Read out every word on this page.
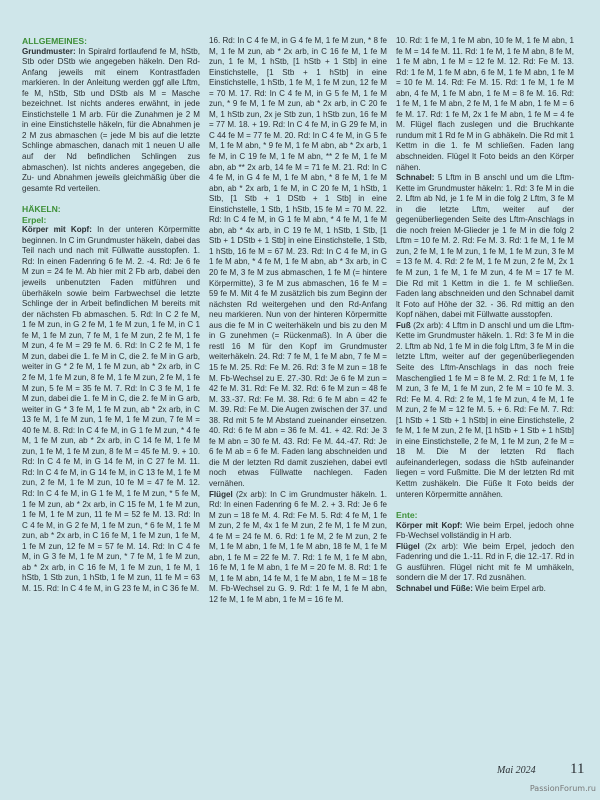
ALLGEMEINES:

Grundmuster: In Spiralrd fortlaufend fe M, hStb, Stb oder DStb wie angegeben häkeln. Den Rd-Anfang jeweils mit einem Kontrastfaden markieren. In der Anleitung werden ggf alle Lftm, fe M, hStb, Stb und DStb als M = Masche bezeichnet. Ist nichts anderes erwähnt, in jede Einstichstelle 1 M arb. Für die Zunahmen je 2 M in eine Einstichstelle häkeln, für die Abnahmen je 2 M zus abmaschen (= jede M bis auf die letzte Schlinge abmaschen, danach mit 1 neuen U alle auf der Nd befindlichen Schlingen zus abmaschen). Ist nichts anderes angegeben, die Zu- und Abnahmen jeweils gleichmäßig über die gesamte Rd verteilen.

HÄKELN:

Erpel:

Körper mit Kopf: In der unteren Körpermitte beginnen. In C im Grundmuster häkeln, dabei das Teil nach und nach mit Füllwatte ausstopfen. 1. Rd: In einen Fadenring 6 fe M. 2. -4. Rd: Je 6 fe M zun = 24 fe M. Ab hier mit 2 Fb arb, dabei den jeweils unbenutzten Faden mitführen und überhäkeln sowie beim Farbwechsel die letzte Schlinge der in Arbeit befindlichen M bereits mit der nächsten Fb abmaschen. 5. Rd: In C 2 fe M, 1 fe M zun, in G 2 fe M, 1 fe M zun, 1 fe M, in C 1 fe M, 1 fe M zun, 7 fe M, 1 fe M zun, 2 fe M, 1 fe M zun, 4 fe M = 29 fe M. 6. Rd: In C 2 fe M, 1 fe M zun, dabei die 1. fe M in C, die 2. fe M in G arb, weiter in G * 2 fe M, 1 fe M zun, ab * 2x arb, in C 2 fe M, 1 fe M zun, 8 fe M, 1 fe M zun, 2 fe M, 1 fe M zun, 5 fe M = 35 fe M. 7. Rd: In C 3 fe M, 1 fe M zun, dabei die 1. fe M in C, die 2. fe M in G arb, weiter in G * 3 fe M, 1 fe M zun, ab * 2x arb, in C 13 fe M, 1 fe M zun, 1 fe M, 1 fe M zun, 7 fe M = 40 fe M. 8. Rd: In C 4 fe M, in G 1 fe M zun, * 4 fe M, 1 fe M zun, ab * 2x arb, in C 14 fe M, 1 fe M zun, 1 fe M, 1 fe M zun, 8 fe M = 45 fe M. 9. + 10. Rd: In C 4 fe M, in G 14 fe M, in C 27 fe M. 11. Rd: In C 4 fe M, in G 14 fe M, in C 13 fe M, 1 fe M zun, 2 fe M, 1 fe M zun, 10 fe M = 47 fe M. 12. Rd: In C 4 fe M, in G 1 fe M, 1 fe M zun, * 5 fe M, 1 fe M zun, ab * 2x arb, in C 15 fe M, 1 fe M zun, 1 fe M, 1 fe M zun, 11 fe M = 52 fe M. 13. Rd: In C 4 fe M, in G 2 fe M, 1 fe M zun, * 6 fe M, 1 fe M zun, ab * 2x arb, in C 16 fe M, 1 fe M zun, 1 fe M, 1 fe M zun, 12 fe M = 57 fe M. 14. Rd: In C 4 fe M, in G 3 fe M, 1 fe M zun, * 7 fe M, 1 fe M zun, ab * 2x arb, in C 16 fe M, 1 fe M zun, 1 fe M, 1 hStb, 1 Stb zun, 1 hStb, 1 fe M zun, 11 fe M = 63 M. 15. Rd: In C 4 fe M, in G 23 fe M, in C 36 fe M.

16. Rd: In C 4 fe M, in G 4 fe M, 1 fe M zun, * 8 fe M, 1 fe M zun, ab * 2x arb, in C 16 fe M, 1 fe M zun, 1 fe M, 1 hStb, [1 hStb + 1 Stb] in eine Einstichstelle, [1 Stb + 1 hStb] in eine Einstichstelle, 1 hStb, 1 fe M, 1 fe M zun, 12 fe M = 70 M. 17. Rd: In C 4 fe M, in G 5 fe M, 1 fe M zun, * 9 fe M, 1 fe M zun, ab * 2x arb, in C 20 fe M, 1 hStb zun, 2x je Stb zun, 1 hStb zun, 16 fe M = 77 M. 18. + 19. Rd: In C 4 fe M, in G 29 fe M, in C 44 fe M = 77 fe M. 20. Rd: In C 4 fe M, in G 5 fe M, 1 fe M abn, * 9 fe M, 1 fe M abn, ab * 2x arb, 1 fe M, in C 19 fe M, 1 fe M abn, ** 2 fe M, 1 fe M abn, ab ** 2x arb, 14 fe M = 71 fe M. 21. Rd: In C 4 fe M, in G 4 fe M, 1 fe M abn, * 8 fe M, 1 fe M abn, ab * 2x arb, 1 fe M, in C 20 fe M, 1 hStb, 1 Stb, [1 Stb + 1 DStb + 1 Stb] in eine Einstichstelle, 1 Stb, 1 hStb, 15 fe M = 70 M. 22. Rd: In C 4 fe M, in G 1 fe M abn, * 4 fe M, 1 fe M abn, ab * 4x arb, in C 19 fe M, 1 hStb, 1 Stb, [1 Stb + 1 DStb + 1 Stb] in eine Einstichstelle, 1 Stb, 1 hStb, 16 fe M = 67 M. 23. Rd: In C 4 fe M, in G 1 fe M abn, * 4 fe M, 1 fe M abn, ab * 3x arb, in C 20 fe M, 3 fe M zus abmaschen, 1 fe M (= hintere Körpermitte), 3 fe M zus abmaschen, 16 fe M = 59 fe M. Mit 4 fe M zusätzlich bis zum Beginn der nächsten Rd weitergehen und den Rd-Anfang neu markieren. Nun von der hinteren Körpermitte aus die fe M in C weiterhäkeln und bis zu den M in G zunehmen (= Rückenmaß). In A über die restl 16 M für den Kopf im Grundmuster weiterhäkeln. 24. Rd: 7 fe M, 1 fe M abn, 7 fe M = 15 fe M. 25. Rd: Fe M. 26. Rd: 3 fe M zun = 18 fe M. Fb-Wechsel zu E. 27.-30. Rd: Je 6 fe M zun = 42 fe M. 31. Rd: Fe M. 32. Rd: 6 fe M zun = 48 fe M. 33.-37. Rd: Fe M. 38. Rd: 6 fe M abn = 42 fe M. 39. Rd: Fe M. Die Augen zwischen der 37. und 38. Rd mit 5 fe M Abstand zueinander einsetzen. 40. Rd: 6 fe M abn = 36 fe M. 41. + 42. Rd: Je 3 fe M abn = 30 fe M. 43. Rd: Fe M. 44.-47. Rd: Je 6 fe M ab = 6 fe M. Faden lang abschneiden und die M der letzten Rd damit zusziehen, dabei evtl noch etwas Füllwatte nachlegen. Faden vernähen.

Flügel (2x arb): In C im Grundmuster häkeln. 1. Rd: In einen Fadenring 6 fe M. 2. + 3. Rd: Je 6 fe M zun = 18 fe M. 4. Rd: Fe M. 5. Rd: 4 fe M, 1 fe M zun, 2 fe M, 4x 1 fe M zun, 2 fe M, 1 fe M zun, 4 fe M = 24 fe M. 6. Rd: 1 fe M, 2 fe M zun, 2 fe M, 1 fe M abn, 1 fe M, 1 fe M abn, 18 fe M, 1 fe M abn, 1 fe M = 22 fe M. 7. Rd: 1 fe M, 1 fe M abn, 16 fe M, 1 fe M abn, 1 fe M = 20 fe M. 8. Rd: 1 fe M, 1 fe M abn, 14 fe M, 1 fe M abn, 1 fe M = 18 fe M. Fb-Wechsel zu G. 9. Rd: 1 fe M, 1 fe M abn, 12 fe M, 1 fe M abn, 1 fe M = 16 fe M.

10. Rd: 1 fe M, 1 fe M abn, 10 fe M, 1 fe M abn, 1 fe M = 14 fe M. 11. Rd: 1 fe M, 1 fe M abn, 8 fe M, 1 fe M abn, 1 fe M = 12 fe M. 12. Rd: Fe M. 13. Rd: 1 fe M, 1 fe M abn, 6 fe M, 1 fe M abn, 1 fe M = 10 fe M. 14. Rd: Fe M. 15. Rd: 1 fe M, 1 fe M abn, 4 fe M, 1 fe M abn, 1 fe M = 8 fe M. 16. Rd: 1 fe M, 1 fe M abn, 2 fe M, 1 fe M abn, 1 fe M = 6 fe M. 17. Rd: 1 fe M, 2x 1 fe M abn, 1 fe M = 4 fe M. Flügel flach zuslegen und die Bruchkante rundum mit 1 Rd fe M in G abhäkeln. Die Rd mit 1 Kettm in die 1. fe M schließen. Faden lang abschneiden. Flügel lt Foto beids an den Körper nähen.

Schnabel: 5 Lftm in B anschl und um die Lftm-Kette im Grundmuster häkeln: 1. Rd: 3 fe M in die 2. Lftm ab Nd, je 1 fe M in die folg 2 Lftm, 3 fe M in die letzte Lftm, weiter auf der gegenüberliegenden Seite des Lftm-Anschlags in die noch freien M-Glieder je 1 fe M in die folg 2 Lftm = 10 fe M. 2. Rd: Fe M. 3. Rd: 1 fe M, 1 fe M zun, 2 fe M, 1 fe M zun, 1 fe M, 1 fe M zun, 3 fe M = 13 fe M. 4. Rd: 2 fe M, 1 fe M zun, 2 fe M, 2x 1 fe M zun, 1 fe M, 1 fe M zun, 4 fe M = 17 fe M. Die Rd mit 1 Kettm in die 1. fe M schließen. Faden lang abschneiden und den Schnabel damit lt Foto auf Höhe der 32. - 36. Rd mittig an den Kopf nähen, dabei mit Füllwatte ausstopfen.

Fuß (2x arb): 4 Lftm in D anschl und um die Lftm-Kette im Grundmuster häkeln. 1. Rd: 3 fe M in die 2. Lftm ab Nd, 1 fe M in die folg Lftm, 3 fe M in die letzte Lftm, weiter auf der gegenüberliegenden Seite des Lftm-Anschlags in das noch freie Maschenglied 1 fe M = 8 fe M. 2. Rd: 1 fe M, 1 fe M zun, 3 fe M, 1 fe M zun, 2 fe M = 10 fe M. 3. Rd: Fe M. 4. Rd: 2 fe M, 1 fe M zun, 4 fe M, 1 fe M zun, 2 fe M = 12 fe M. 5. + 6. Rd: Fe M. 7. Rd: [1 hStb + 1 Stb + 1 hStb] in eine Einstichstelle, 2 fe M, 1 fe M zun, 2 fe M, [1 hStb + 1 Stb + 1 hStb] in eine Einstichstelle, 2 fe M, 1 fe M zun, 2 fe M = 18 M. Die M der letzten Rd flach aufeinanderlegen, sodass die hStb aufeinander liegen = vord Fußmitte. Die M der letzten Rd mit Kettm zushäkeln. Die Füße lt Foto beids der unteren Körpermitte annähen.

Ente:

Körper mit Kopf: Wie beim Erpel, jedoch ohne Fb-Wechsel vollständig in H arb.

Flügel (2x arb): Wie beim Erpel, jedoch den Fadenring und die 1.-11. Rd in F, die 12.-17. Rd in G ausführen. Flügel nicht mit fe M umhäkeln, sondern die M der 17. Rd zusnähen.

Schnabel und Füße: Wie beim Erpel arb.

Mai 2024 11
PassionForum.ru
